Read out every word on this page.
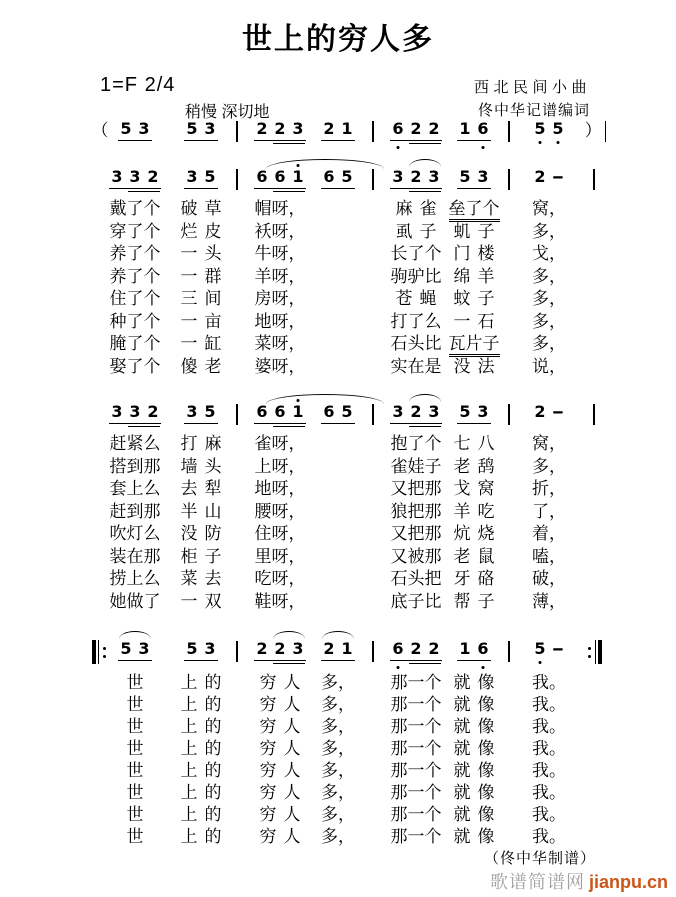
世上的穷人多
1=F 2/4
稍慢 深切地
西北民间小曲
佟中华记谱编词
（ 5 3 5 3	2 2 3 2 1 6 2 2 1 6	5 5 ）
3 3 2 3 5	6 6 1 6 5 3 2 3 5 3	2 -
3 3 2 3 5	6 6 1 6 5 3 2 3 5 3	2 -
5 3 5 3	2 2 3 2 1 6 2 2 1 6	5 -
戴了个 破草 帽呀，	麻雀 垒了个 窝，
穿了个 烂皮 袄呀，	虱子 虮子 多，
养了个 一头 牛呀，	长了个 门楼 戈，
养了个 一群 羊呀，	驹驴比 绵羊 多，
住了个 三间 房呀，	苍蝇 蚊子 多，
种了个 一亩 地呀，	打了么 一石 多，
腌了个 一缸 菜呀，	石头比 瓦片子 多，
娶了个 傻老 婆呀，	实在是 没法 说，
赶紧么 打麻 雀呀，	抱了个 七八 窝，
搭到那 墙头 上呀，	雀娃子 老鸹 多，
套上么 去犁 地呀，	又把那 戈窝 折，
赶到那 半山 腰呀，	狼把那 羊吃 了，
吹灯么 没防 住呀，	又把那 炕烧 着，
装在那 柜子 里呀，	又被那 老鼠 嗑，
捞上么 菜去 吃呀，	石头把 牙硌 破，
她做了 一双 鞋呀，	底子比 帮子 薄，
世 上的 穷人 多， 那一个 就像 我。
世 上的 穷人 多， 那一个 就像 我。
世 上的 穷人 多， 那一个 就像 我。
世 上的 穷人 多， 那一个 就像 我。
世 上的 穷人 多， 那一个 就像 我。
世 上的 穷人 多， 那一个 就像 我。
世 上的 穷人 多， 那一个 就像 我。
世 上的 穷人 多， 那一个 就像 我。
（佟中华制谱）
歌谱简谱网 jianpu.cn
